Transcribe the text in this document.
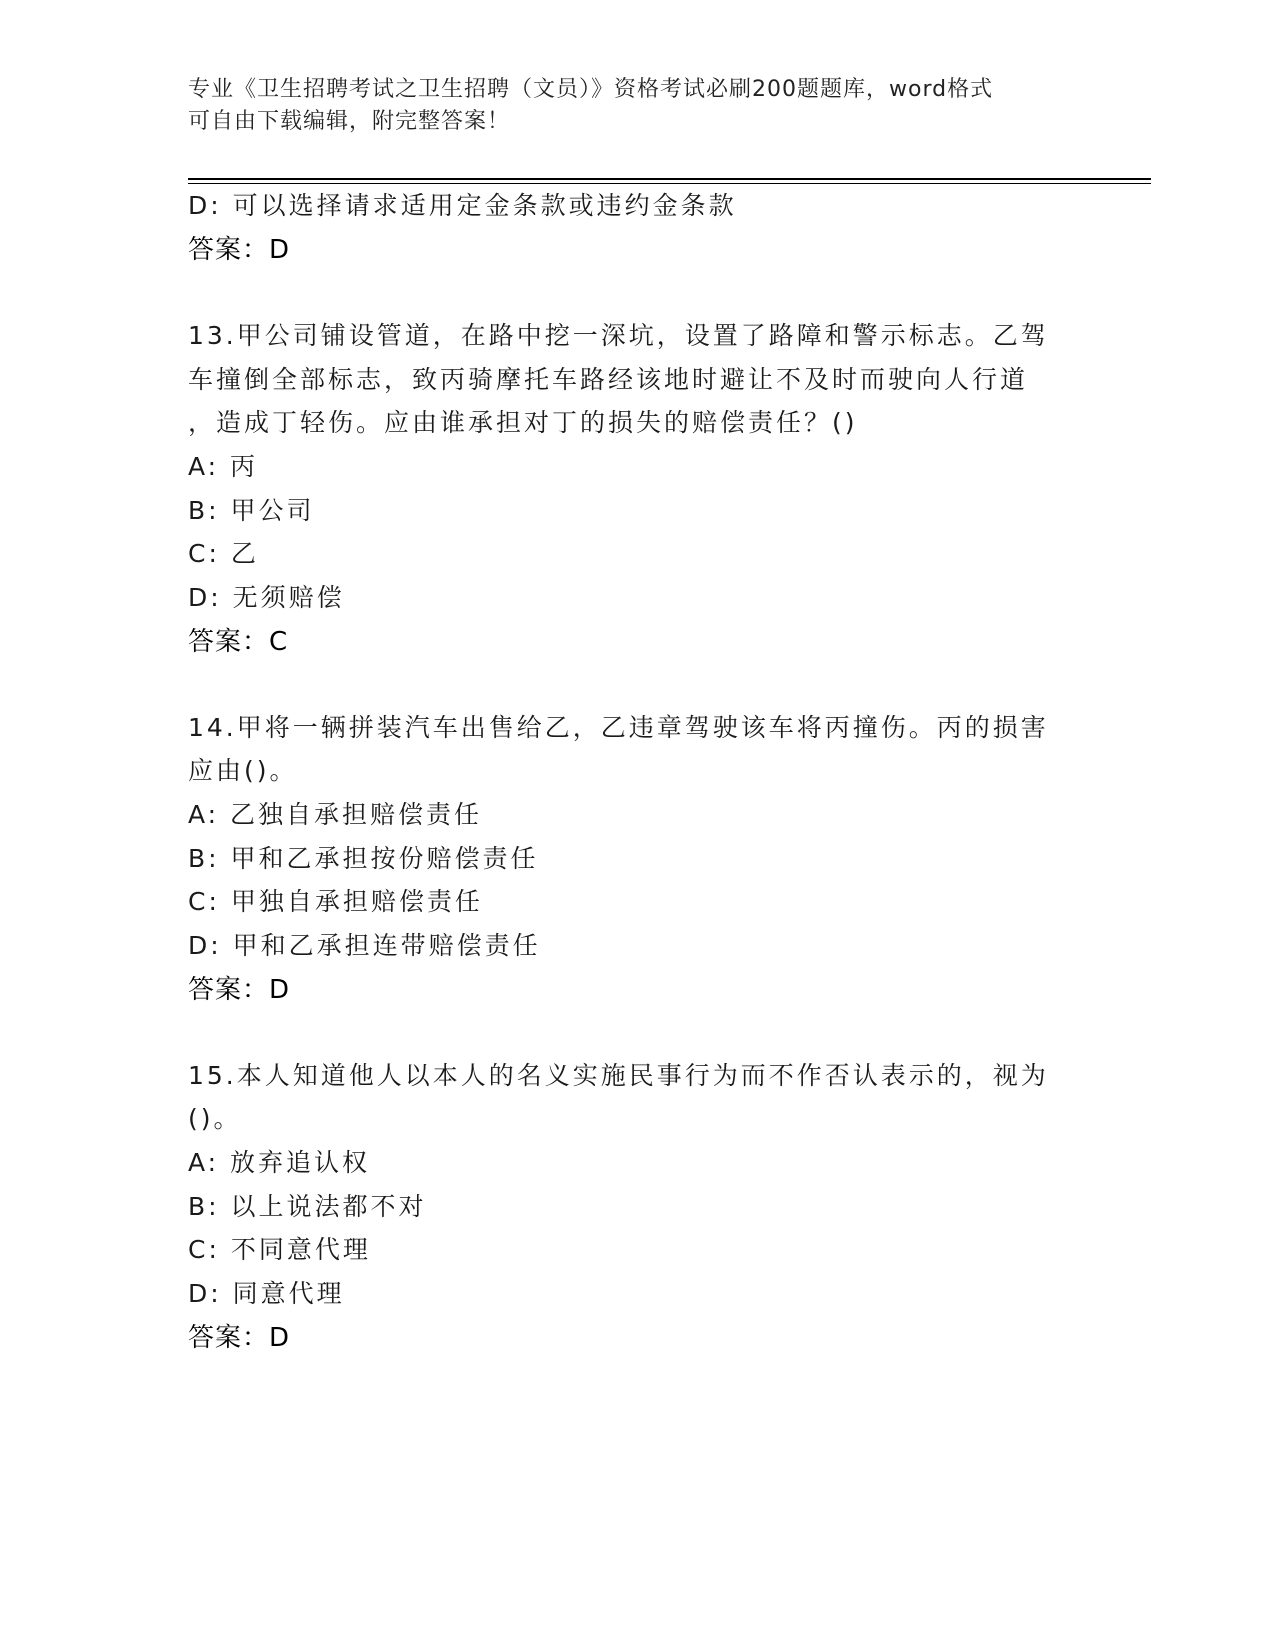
专业《卫生招聘考试之卫生招聘（文员）》资格考试必刷200题题库，word格式
可自由下载编辑，附完整答案！
D: 可以选择请求适用定金条款或违约金条款
答案：D
13.甲公司铺设管道，在路中挖一深坑，设置了路障和警示标志。乙驾
车撞倒全部标志，致丙骑摩托车路经该地时避让不及时而驶向人行道
，造成丁轻伤。应由谁承担对丁的损失的赔偿责任？()
A: 丙
B: 甲公司
C: 乙
D: 无须赔偿
答案：C
14.甲将一辆拼装汽车出售给乙，乙违章驾驶该车将丙撞伤。丙的损害
应由()。
A: 乙独自承担赔偿责任
B: 甲和乙承担按份赔偿责任
C: 甲独自承担赔偿责任
D: 甲和乙承担连带赔偿责任
答案：D
15.本人知道他人以本人的名义实施民事行为而不作否认表示的，视为
()。
A: 放弃追认权
B: 以上说法都不对
C: 不同意代理
D: 同意代理
答案：D
